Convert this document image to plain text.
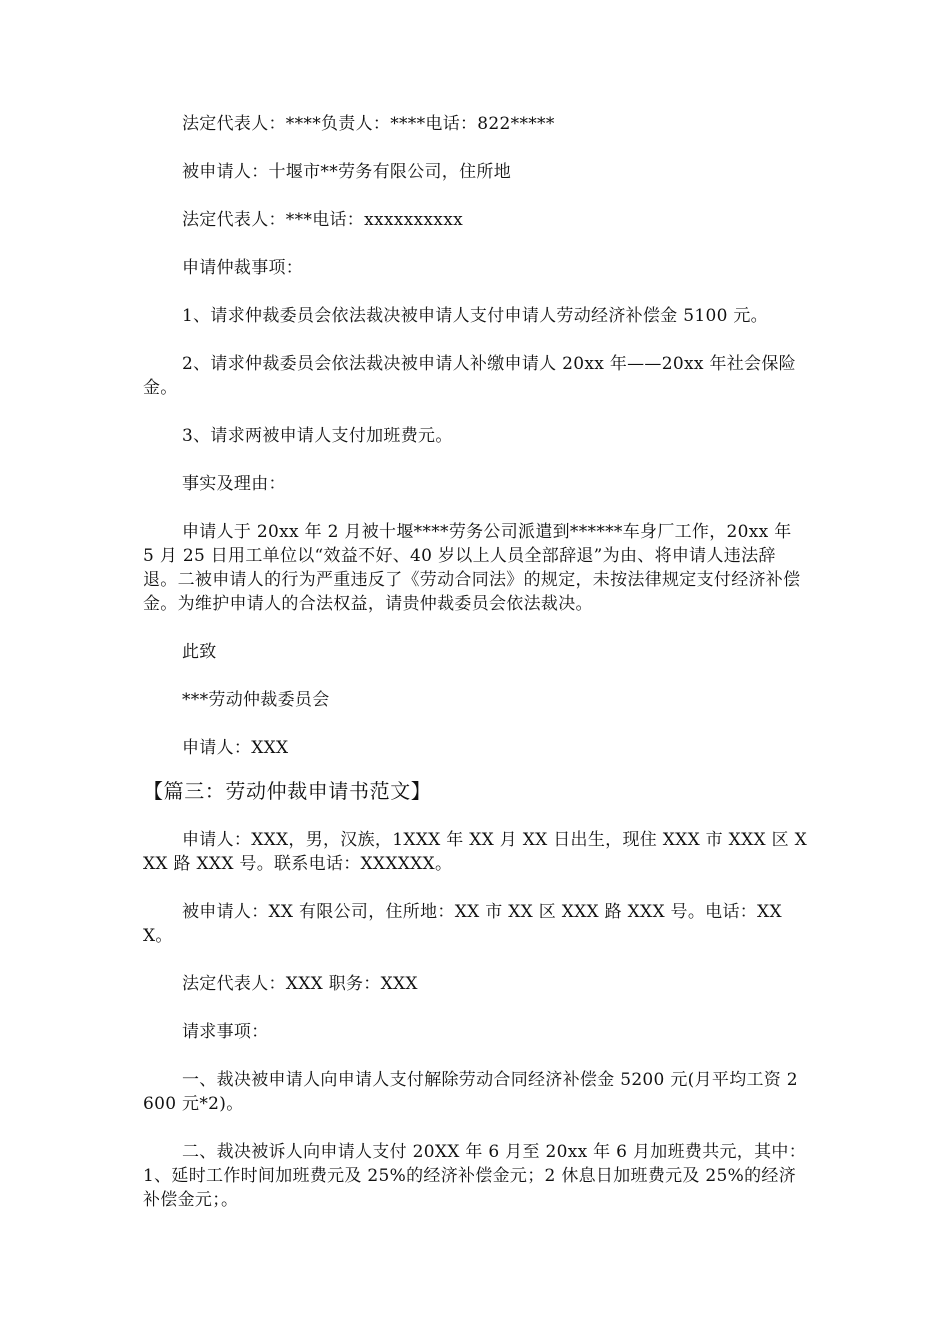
法定代表人：****负责人：****电话：822*****

被申请人：十堰市**劳务有限公司，住所地

法定代表人：***电话：xxxxxxxxxx

申请仲裁事项：

1、请求仲裁委员会依法裁决被申请人支付申请人劳动经济补偿金 5100 元。

2、请求仲裁委员会依法裁决被申请人补缴申请人 20xx 年——20xx 年社会保险金。

3、请求两被申请人支付加班费元。

事实及理由：

申请人于 20xx 年 2 月被十堰****劳务公司派遣到******车身厂工作，20xx 年 5 月 25 日用工单位以“效益不好、40 岁以上人员全部辞退”为由、将申请人违法辞退。二被申请人的行为严重违反了《劳动合同法》的规定，未按法律规定支付经济补偿金。为维护申请人的合法权益，请贵仲裁委员会依法裁决。

此致

***劳动仲裁委员会

申请人：XXX

【篇三：劳动仲裁申请书范文】

申请人：XXX，男，汉族，1XXX 年 XX 月 XX 日出生，现住 XXX 市 XXX 区 XXX 路 XXX 号。联系电话：XXXXXX。

被申请人：XX 有限公司，住所地：XX 市 XX 区 XXX 路 XXX 号。电话：XXX。

法定代表人：XXX 职务：XXX

请求事项：

一、裁决被申请人向申请人支付解除劳动合同经济补偿金 5200 元(月平均工资 2600 元*2)。

二、裁决被诉人向申请人支付 20XX 年 6 月至 20xx 年 6 月加班费共元，其中：1、延时工作时间加班费元及 25%的经济补偿金元；2 休息日加班费元及 25%的经济补偿金元；。
